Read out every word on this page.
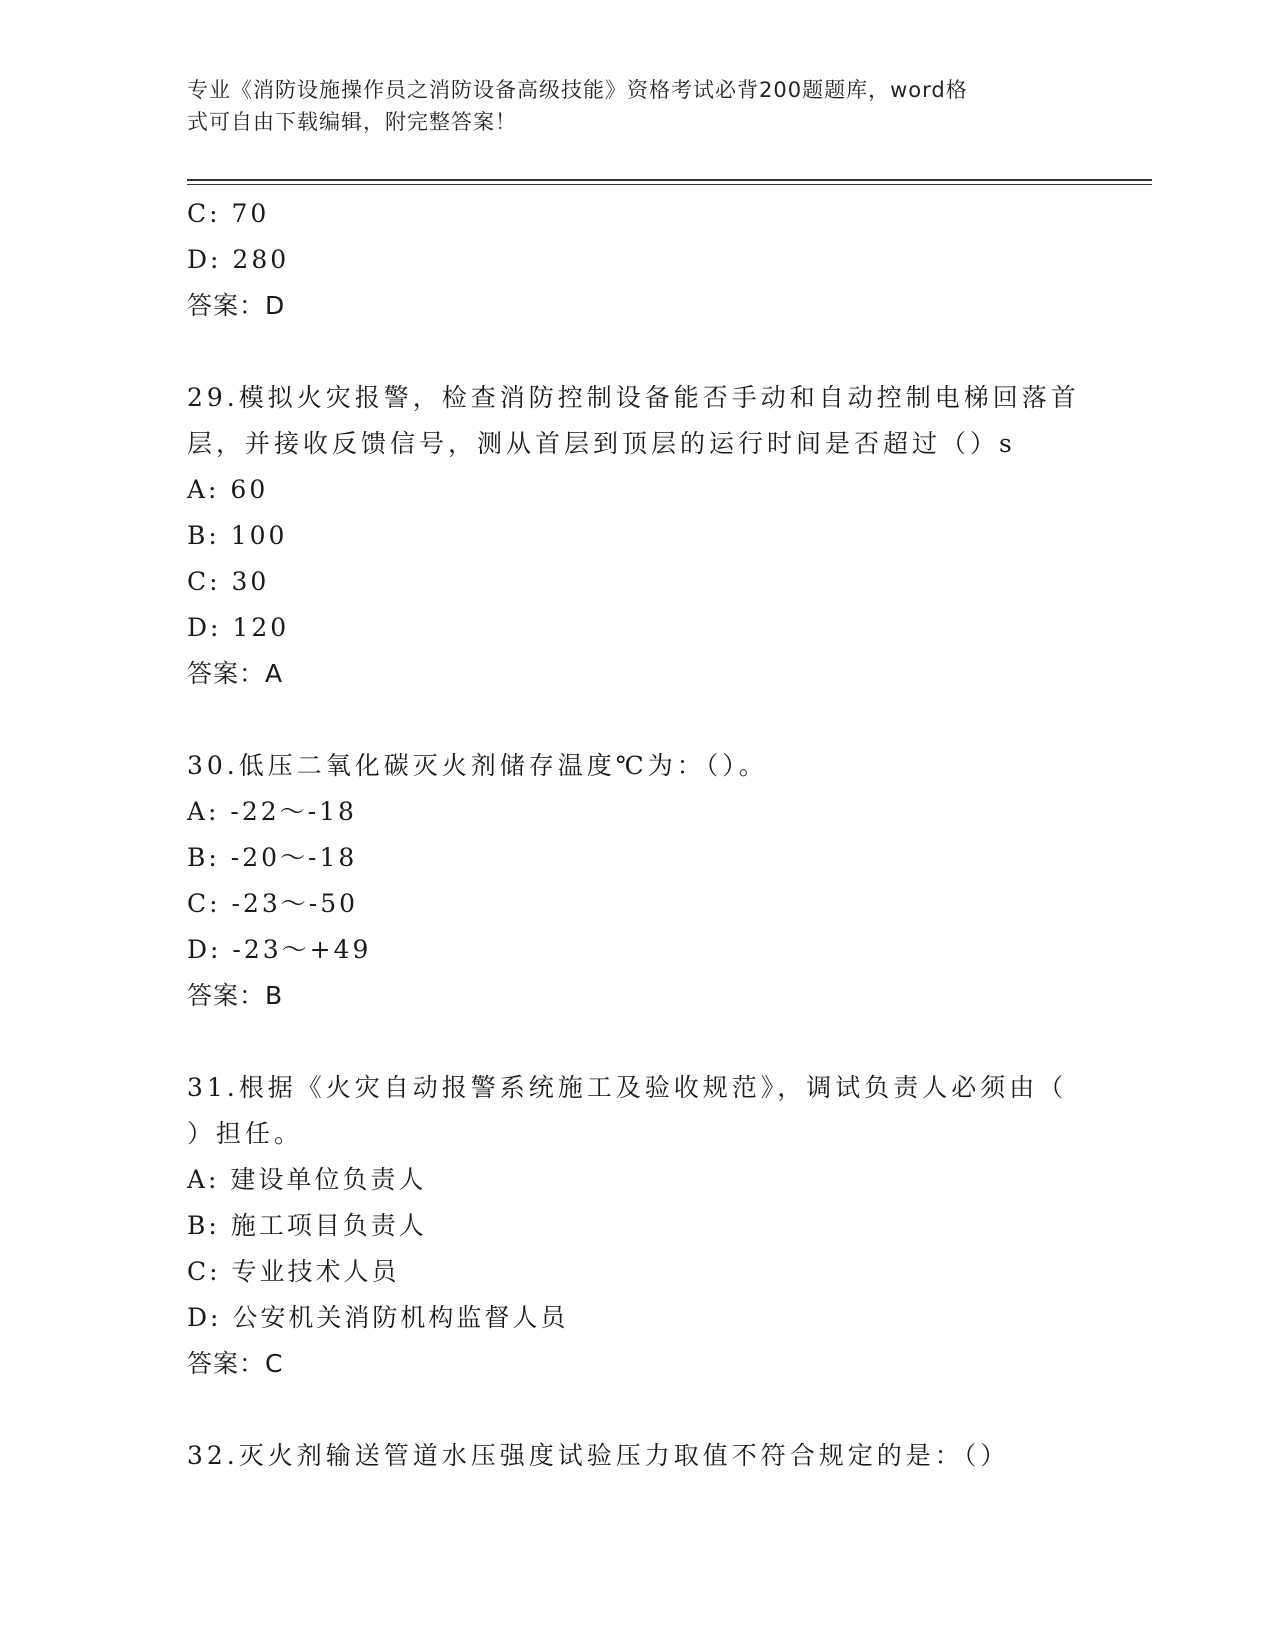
专业《消防设施操作员之消防设备高级技能》资格考试必背200题题库，word格
式可自由下载编辑，附完整答案！
C: 70
D: 280
答案：D
29.模拟火灾报警，检查消防控制设备能否手动和自动控制电梯回落首
层，并接收反馈信号，测从首层到顶层的运行时间是否超过（）s
A: 60
B: 100
C: 30
D: 120
答案：A
30.低压二氧化碳灭火剂储存温度℃为：（）。
A: -22～-18
B: -20～-18
C: -23～-50
D: -23～+49
答案：B
31.根据《火灾自动报警系统施工及验收规范》，调试负责人必须由（
）担任。
A: 建设单位负责人
B: 施工项目负责人
C: 专业技术人员
D: 公安机关消防机构监督人员
答案：C
32.灭火剂输送管道水压强度试验压力取值不符合规定的是：（）
